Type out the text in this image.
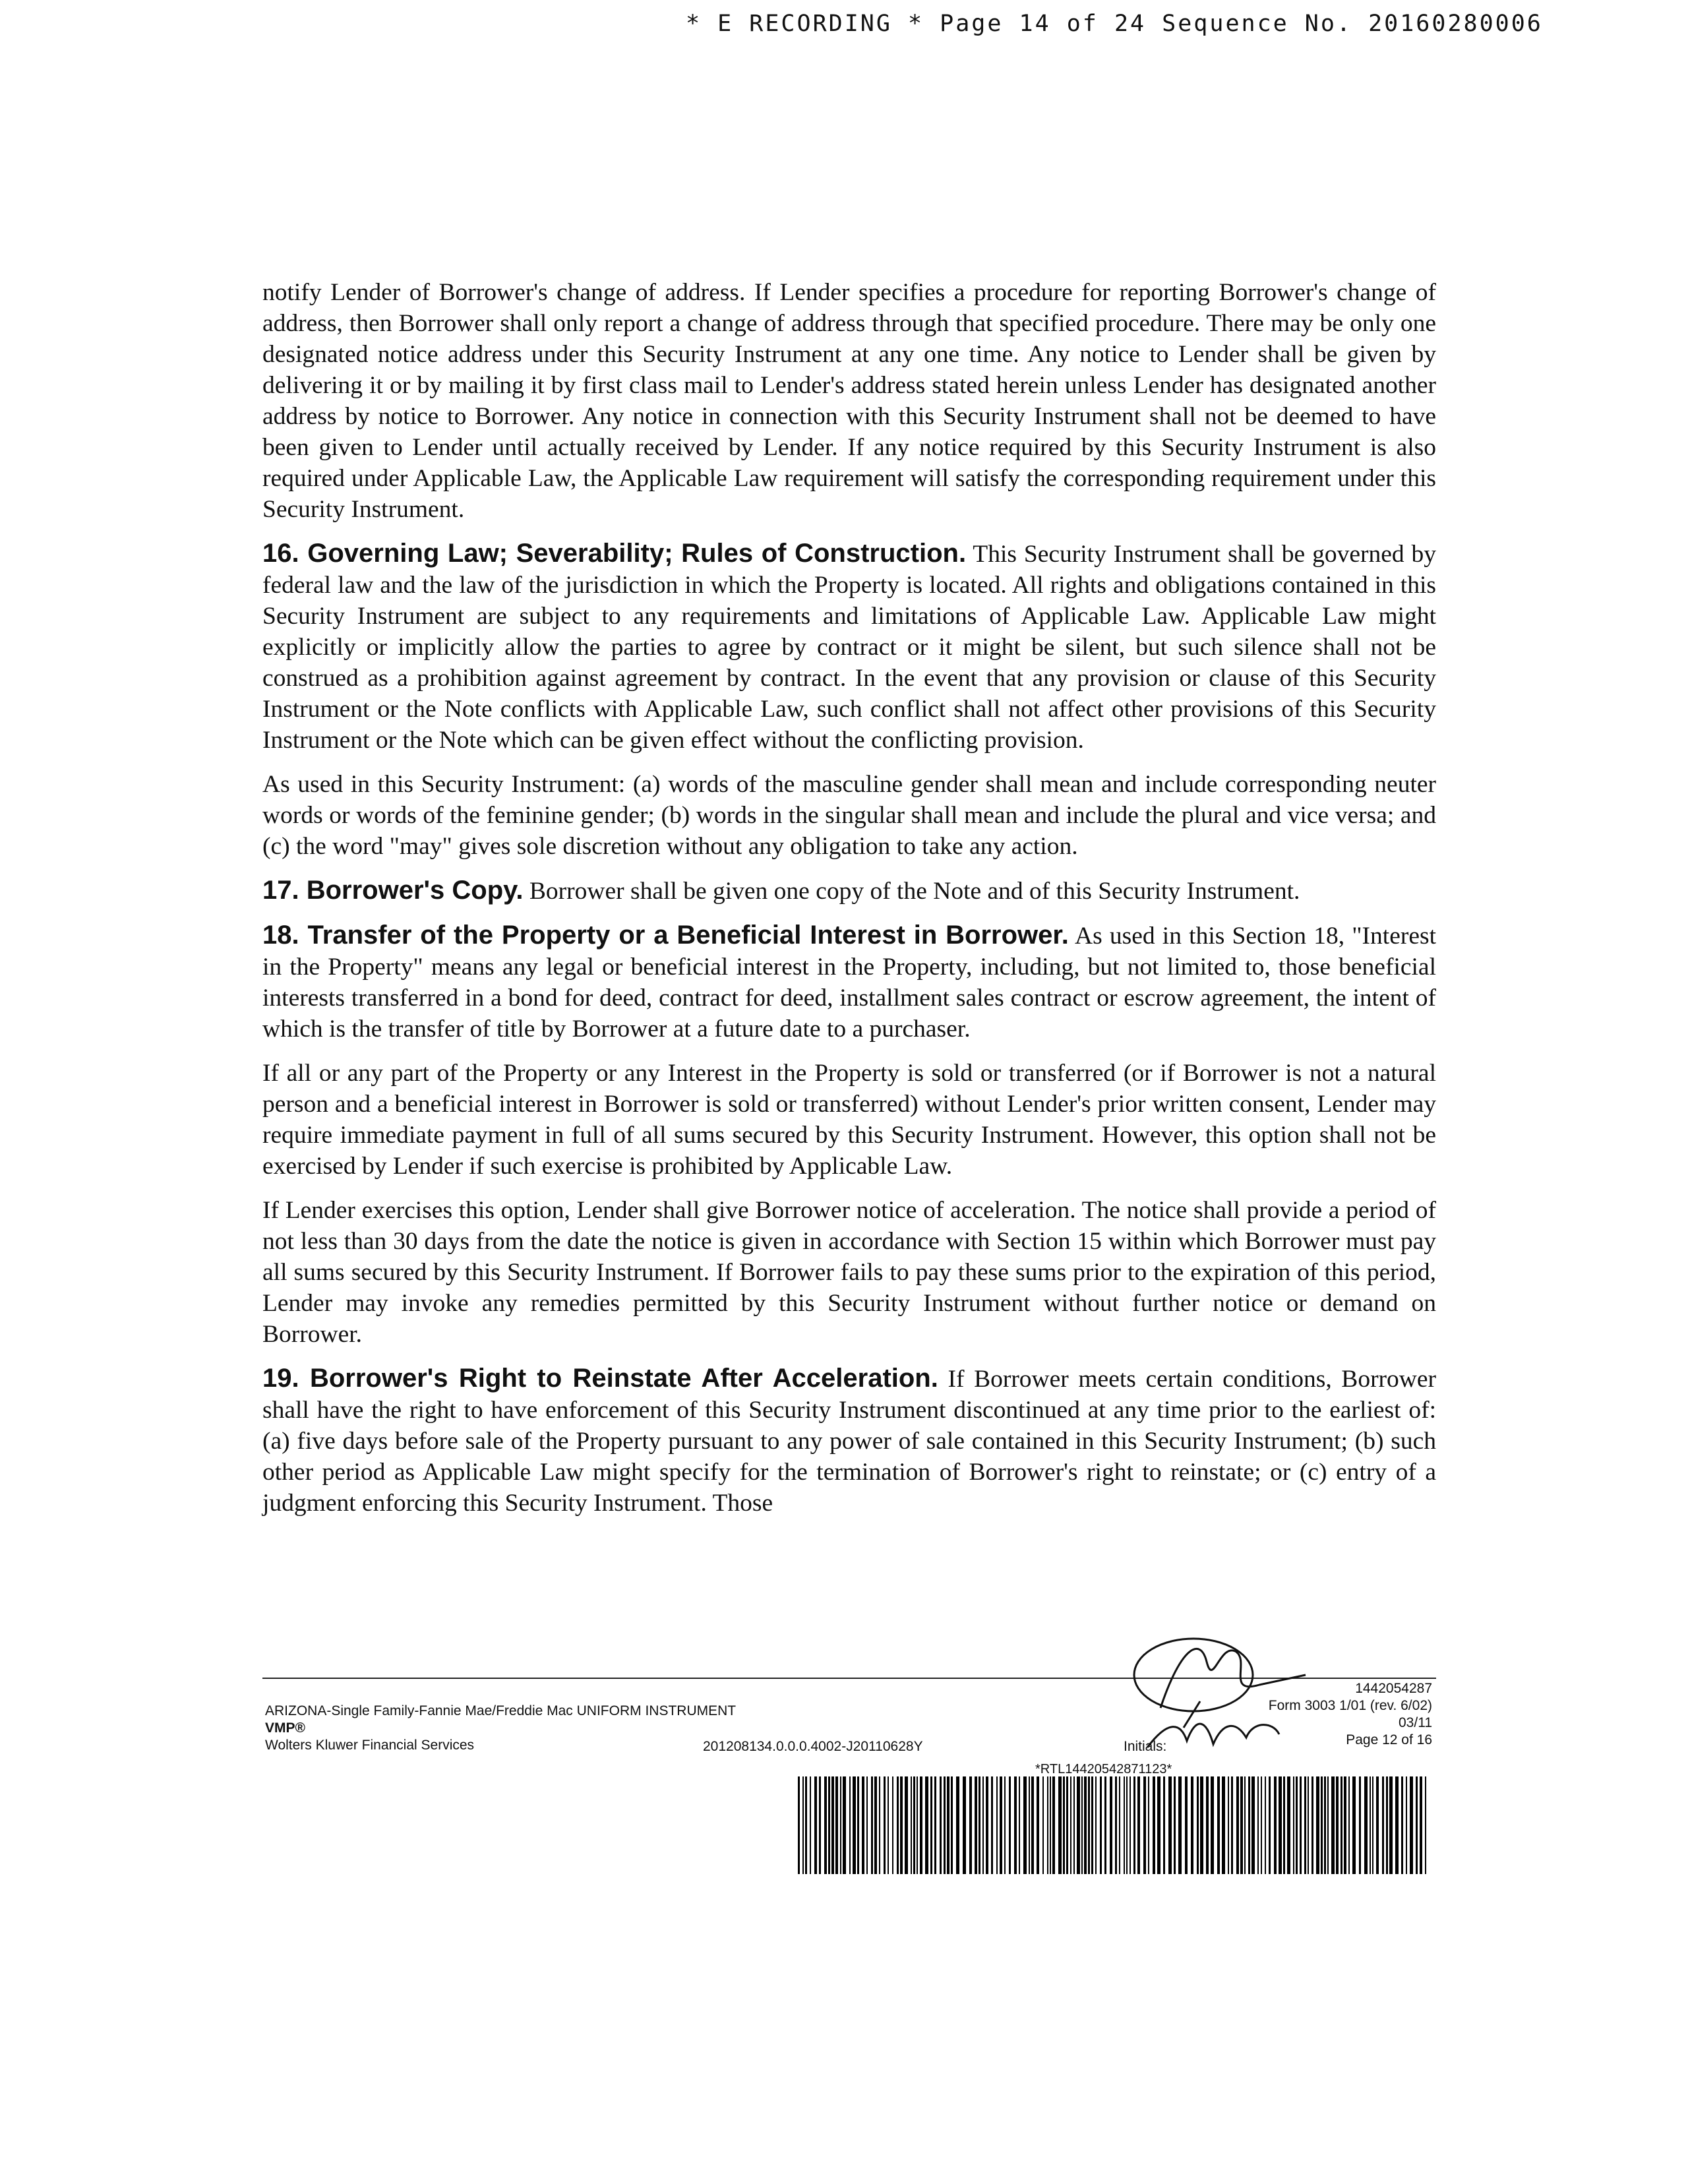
* E RECORDING * Page 14 of 24 Sequence No. 20160280006

notify Lender of Borrower's change of address. If Lender specifies a procedure for reporting Borrower's change of address, then Borrower shall only report a change of address through that specified procedure. There may be only one designated notice address under this Security Instrument at any one time. Any notice to Lender shall be given by delivering it or by mailing it by first class mail to Lender's address stated herein unless Lender has designated another address by notice to Borrower. Any notice in connection with this Security Instrument shall not be deemed to have been given to Lender until actually received by Lender. If any notice required by this Security Instrument is also required under Applicable Law, the Applicable Law requirement will satisfy the corresponding requirement under this Security Instrument.

16. Governing Law; Severability; Rules of Construction. This Security Instrument shall be governed by federal law and the law of the jurisdiction in which the Property is located. All rights and obligations contained in this Security Instrument are subject to any requirements and limitations of Applicable Law. Applicable Law might explicitly or implicitly allow the parties to agree by contract or it might be silent, but such silence shall not be construed as a prohibition against agreement by contract. In the event that any provision or clause of this Security Instrument or the Note conflicts with Applicable Law, such conflict shall not affect other provisions of this Security Instrument or the Note which can be given effect without the conflicting provision.

As used in this Security Instrument: (a) words of the masculine gender shall mean and include corresponding neuter words or words of the feminine gender; (b) words in the singular shall mean and include the plural and vice versa; and (c) the word "may" gives sole discretion without any obligation to take any action.

17. Borrower's Copy. Borrower shall be given one copy of the Note and of this Security Instrument.

18. Transfer of the Property or a Beneficial Interest in Borrower. As used in this Section 18, "Interest in the Property" means any legal or beneficial interest in the Property, including, but not limited to, those beneficial interests transferred in a bond for deed, contract for deed, installment sales contract or escrow agreement, the intent of which is the transfer of title by Borrower at a future date to a purchaser.

If all or any part of the Property or any Interest in the Property is sold or transferred (or if Borrower is not a natural person and a beneficial interest in Borrower is sold or transferred) without Lender's prior written consent, Lender may require immediate payment in full of all sums secured by this Security Instrument. However, this option shall not be exercised by Lender if such exercise is prohibited by Applicable Law.

If Lender exercises this option, Lender shall give Borrower notice of acceleration. The notice shall provide a period of not less than 30 days from the date the notice is given in accordance with Section 15 within which Borrower must pay all sums secured by this Security Instrument. If Borrower fails to pay these sums prior to the expiration of this period, Lender may invoke any remedies permitted by this Security Instrument without further notice or demand on Borrower.

19. Borrower's Right to Reinstate After Acceleration. If Borrower meets certain conditions, Borrower shall have the right to have enforcement of this Security Instrument discontinued at any time prior to the earliest of: (a) five days before sale of the Property pursuant to any power of sale contained in this Security Instrument; (b) such other period as Applicable Law might specify for the termination of Borrower's right to reinstate; or (c) entry of a judgment enforcing this Security Instrument. Those

ARIZONA-Single Family-Fannie Mae/Freddie Mac UNIFORM INSTRUMENT
VMP®
Wolters Kluwer Financial Services	201208134.0.0.0.4002-J20110628Y	Initials:
1442054287
Form 3003 1/01 (rev. 6/02)
03/11
Page 12 of 16
*RTL14420542871123*
